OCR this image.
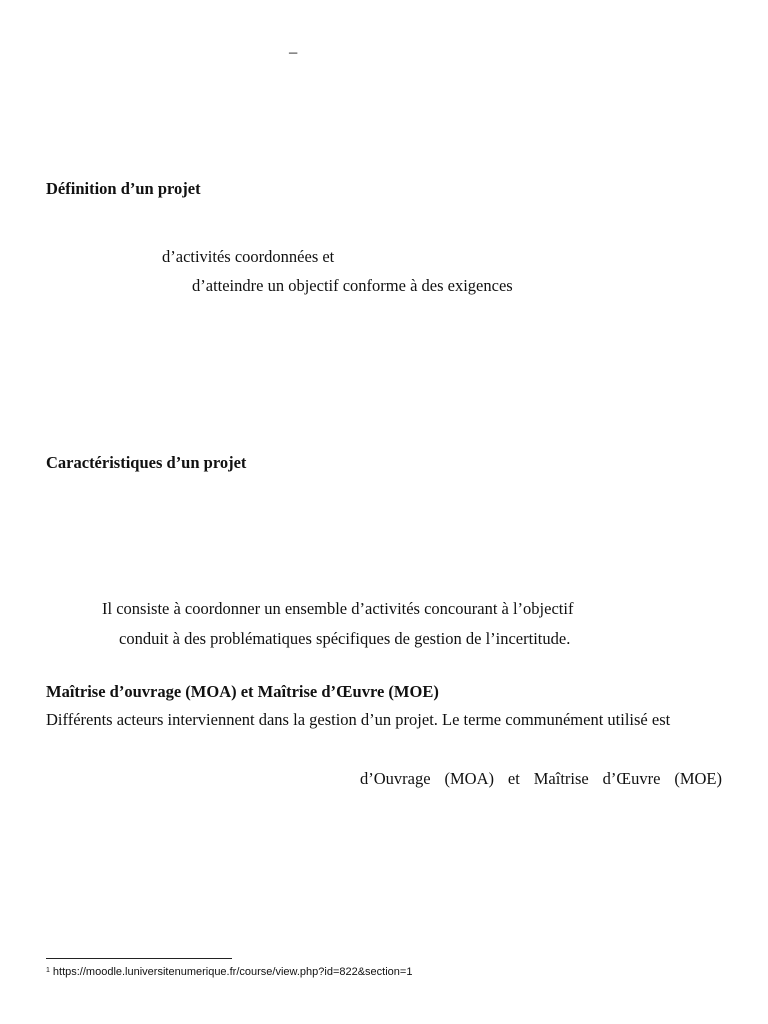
–
Définition d’un projet
d’activités coordonnées et
d’atteindre un objectif conforme à des exigences
Caractéristiques d’un projet
Il consiste à coordonner un ensemble d’activités concourant à l’objectif
conduit à des problématiques spécifiques de gestion de l’incertitude.
Maîtrise d’ouvrage (MOA) et Maîtrise d’Œuvre (MOE)
Différents acteurs interviennent dans la gestion d’un projet. Le terme communément utilisé est
d’Ouvrage (MOA) et Maîtrise d’Œuvre (MOE)
$^1$ https://moodle.luniversitenumerique.fr/course/view.php?id=822&section=1
